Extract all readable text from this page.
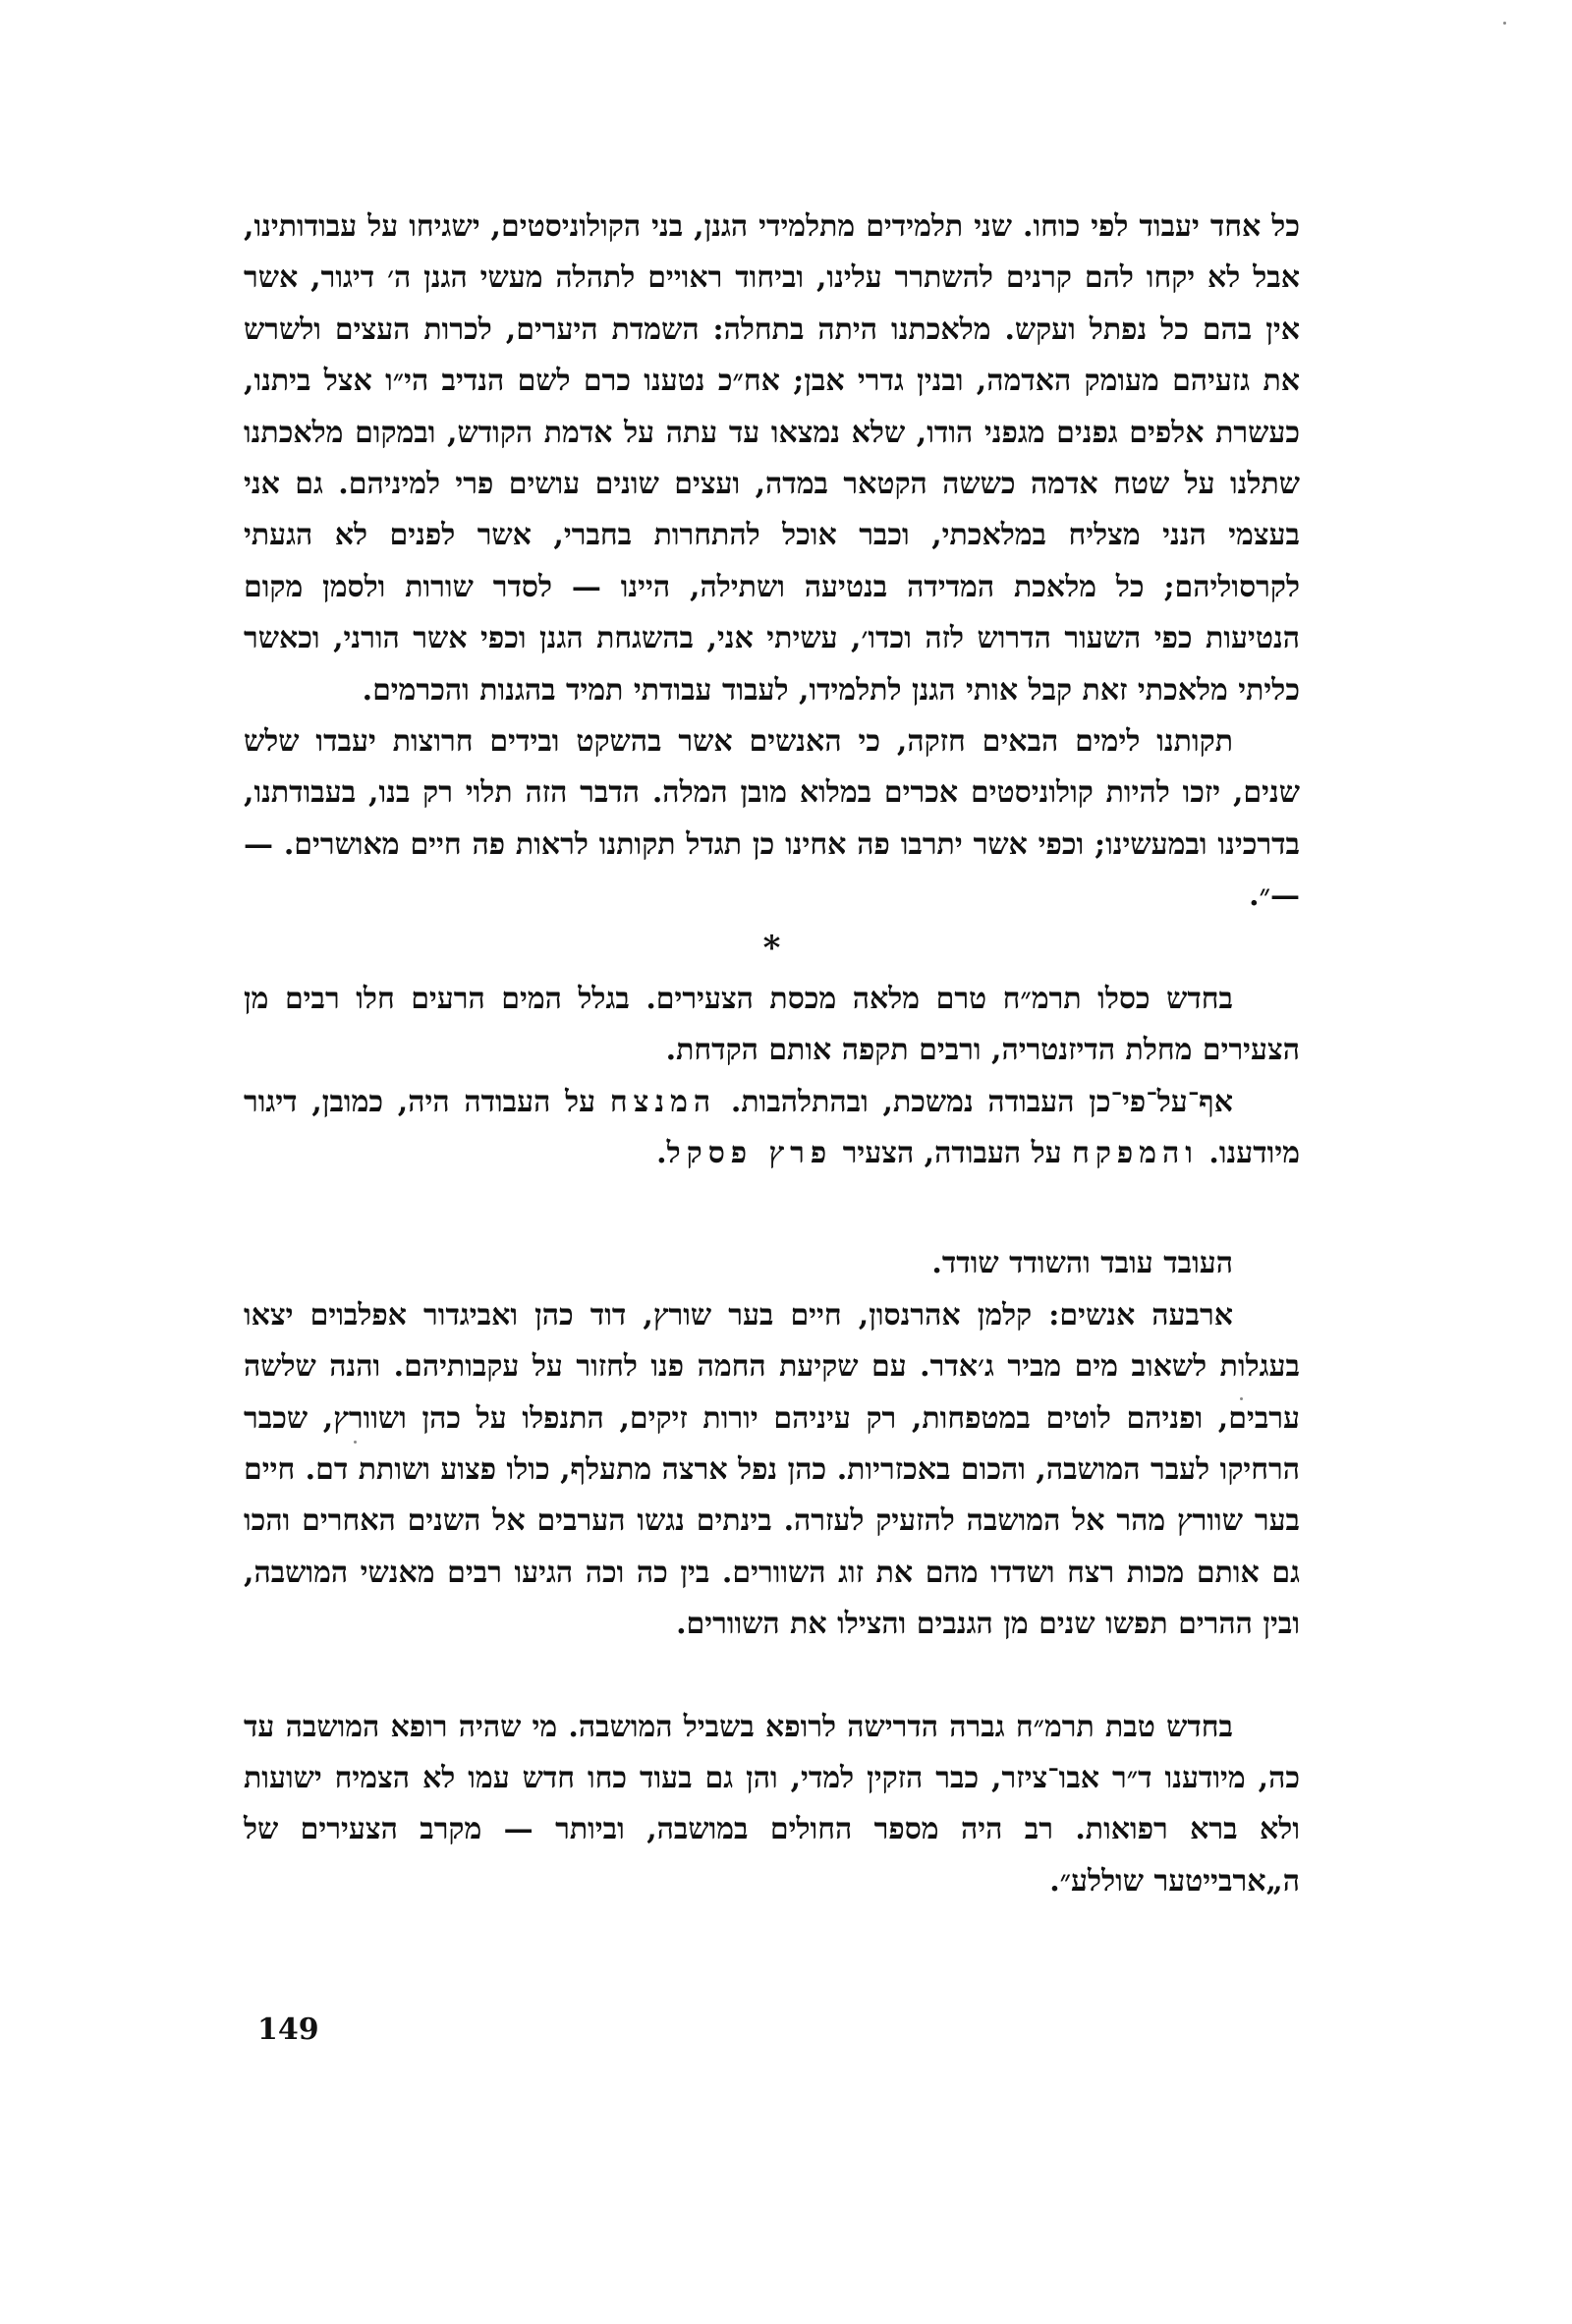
כל אחד יעבוד לפי כוחו. שני תלמידים מתלמידי הגנן, בני הקולוניסטים, ישגיחו על עבודותינו, אבל לא יקחו להם קרנים להשתרר עלינו, וביחוד ראויים לתהלה מעשי הגנן ה׳ דיגור, אשר אין בהם כל נפתל ועקש. מלאכתנו היתה בתחלה: השמדת היערים, לכרות העצים ולשרש את גזעיהם מעומק האדמה, ובנין גדרי אבן; אח״כ נטענו כרם לשם הנדיב הי״ו אצל ביתנו, כעשרת אלפים גפנים מגפני הודו, שלא נמצאו עד עתה על אדמת הקודש, ובמקום מלאכתנו שתלנו על שטח אדמה כששה הקטאר במדה, ועצים שונים עושים פרי למיניהם. גם אני בעצמי הנני מצליח במלאכתי, וכבר אוכל להתחרות בחברי, אשר לפנים לא הגעתי לקרסוליהם; כל מלאכת המדידה בנטיעה ושתילה, היינו — לסדר שורות ולסמן מקום הנטיעות כפי השעור הדרוש לזה וכדו׳, עשיתי אני, בהשגחת הגנן וכפי אשר הורני, וכאשר כליתי מלאכתי זאת קבל אותי הגנן לתלמידו, לעבוד עבודתי תמיד בהגנות והכרמים.

תקותנו לימים הבאים חזקה, כי האנשים אשר בהשקט ובידים חרוצות יעבדו שלש שנים, יזכו להיות קולוניסטים אכרים במלוא מובן המלה. הדבר הזה תלוי רק בנו, בעבודתנו, בדרכינו ובמעשינו; וכפי אשר יתרבו פה אחינו כן תגדל תקותנו לראות פה חיים מאושרים. — —״.

*

בחדש כסלו תרמ״ח טרם מלאה מכסת הצעירים. בגלל המים הרעים חלו רבים מן הצעירים מחלת הדיזנטריה, ורבים תקפה אותם הקדחת.

אף־על־פי־כן העבודה נמשכת, ובהתלהבות. המנצח על העבודה היה, כמובן, דיגור מיודענו. והמפקח על העבודה, הצעיר פרץ פסקל.

העובד עובד והשודד שודד.

ארבעה אנשים: קלמן אהרנסון, חיים בער שורץ, דוד כהן ואביגדור אפלבוים יצאו בעגלות לשאוב מים מביר ג׳אדר. עם שקיעת החמה פנו לחזור על עקבותיהם. והנה שלשה ערבים, ופניהם לוטים במטפחות, רק עיניהם יורות זיקים, התנפלו על כהן ושוורץ, שכבר הרחיקו לעבר המושבה, והכום באכזריות. כהן נפל ארצה מתעלף, כולו פצוע ושותת דם. חיים בער שוורץ מהר אל המושבה להזעיק לעזרה. בינתים נגשו הערבים אל השנים האחרים והכו גם אותם מכות רצח ושדדו מהם את זוג השוורים. בין כה וכה הגיעו רבים מאנשי המושבה, ובין ההרים תפשו שנים מן הגנבים והצילו את השוורים.

בחדש טבת תרמ״ח גברה הדרישה לרופא בשביל המושבה. מי שהיה רופא המושבה עד כה, מיודענו ד״ר אבו־ציזר, כבר הזקין למדי, והן גם בעוד כחו חדש עמו לא הצמיח ישועות ולא ברא רפואות. רב היה מספר החולים במושבה, וביותר — מקרב הצעירים של ה„ארבייטער שוללע״.

149
